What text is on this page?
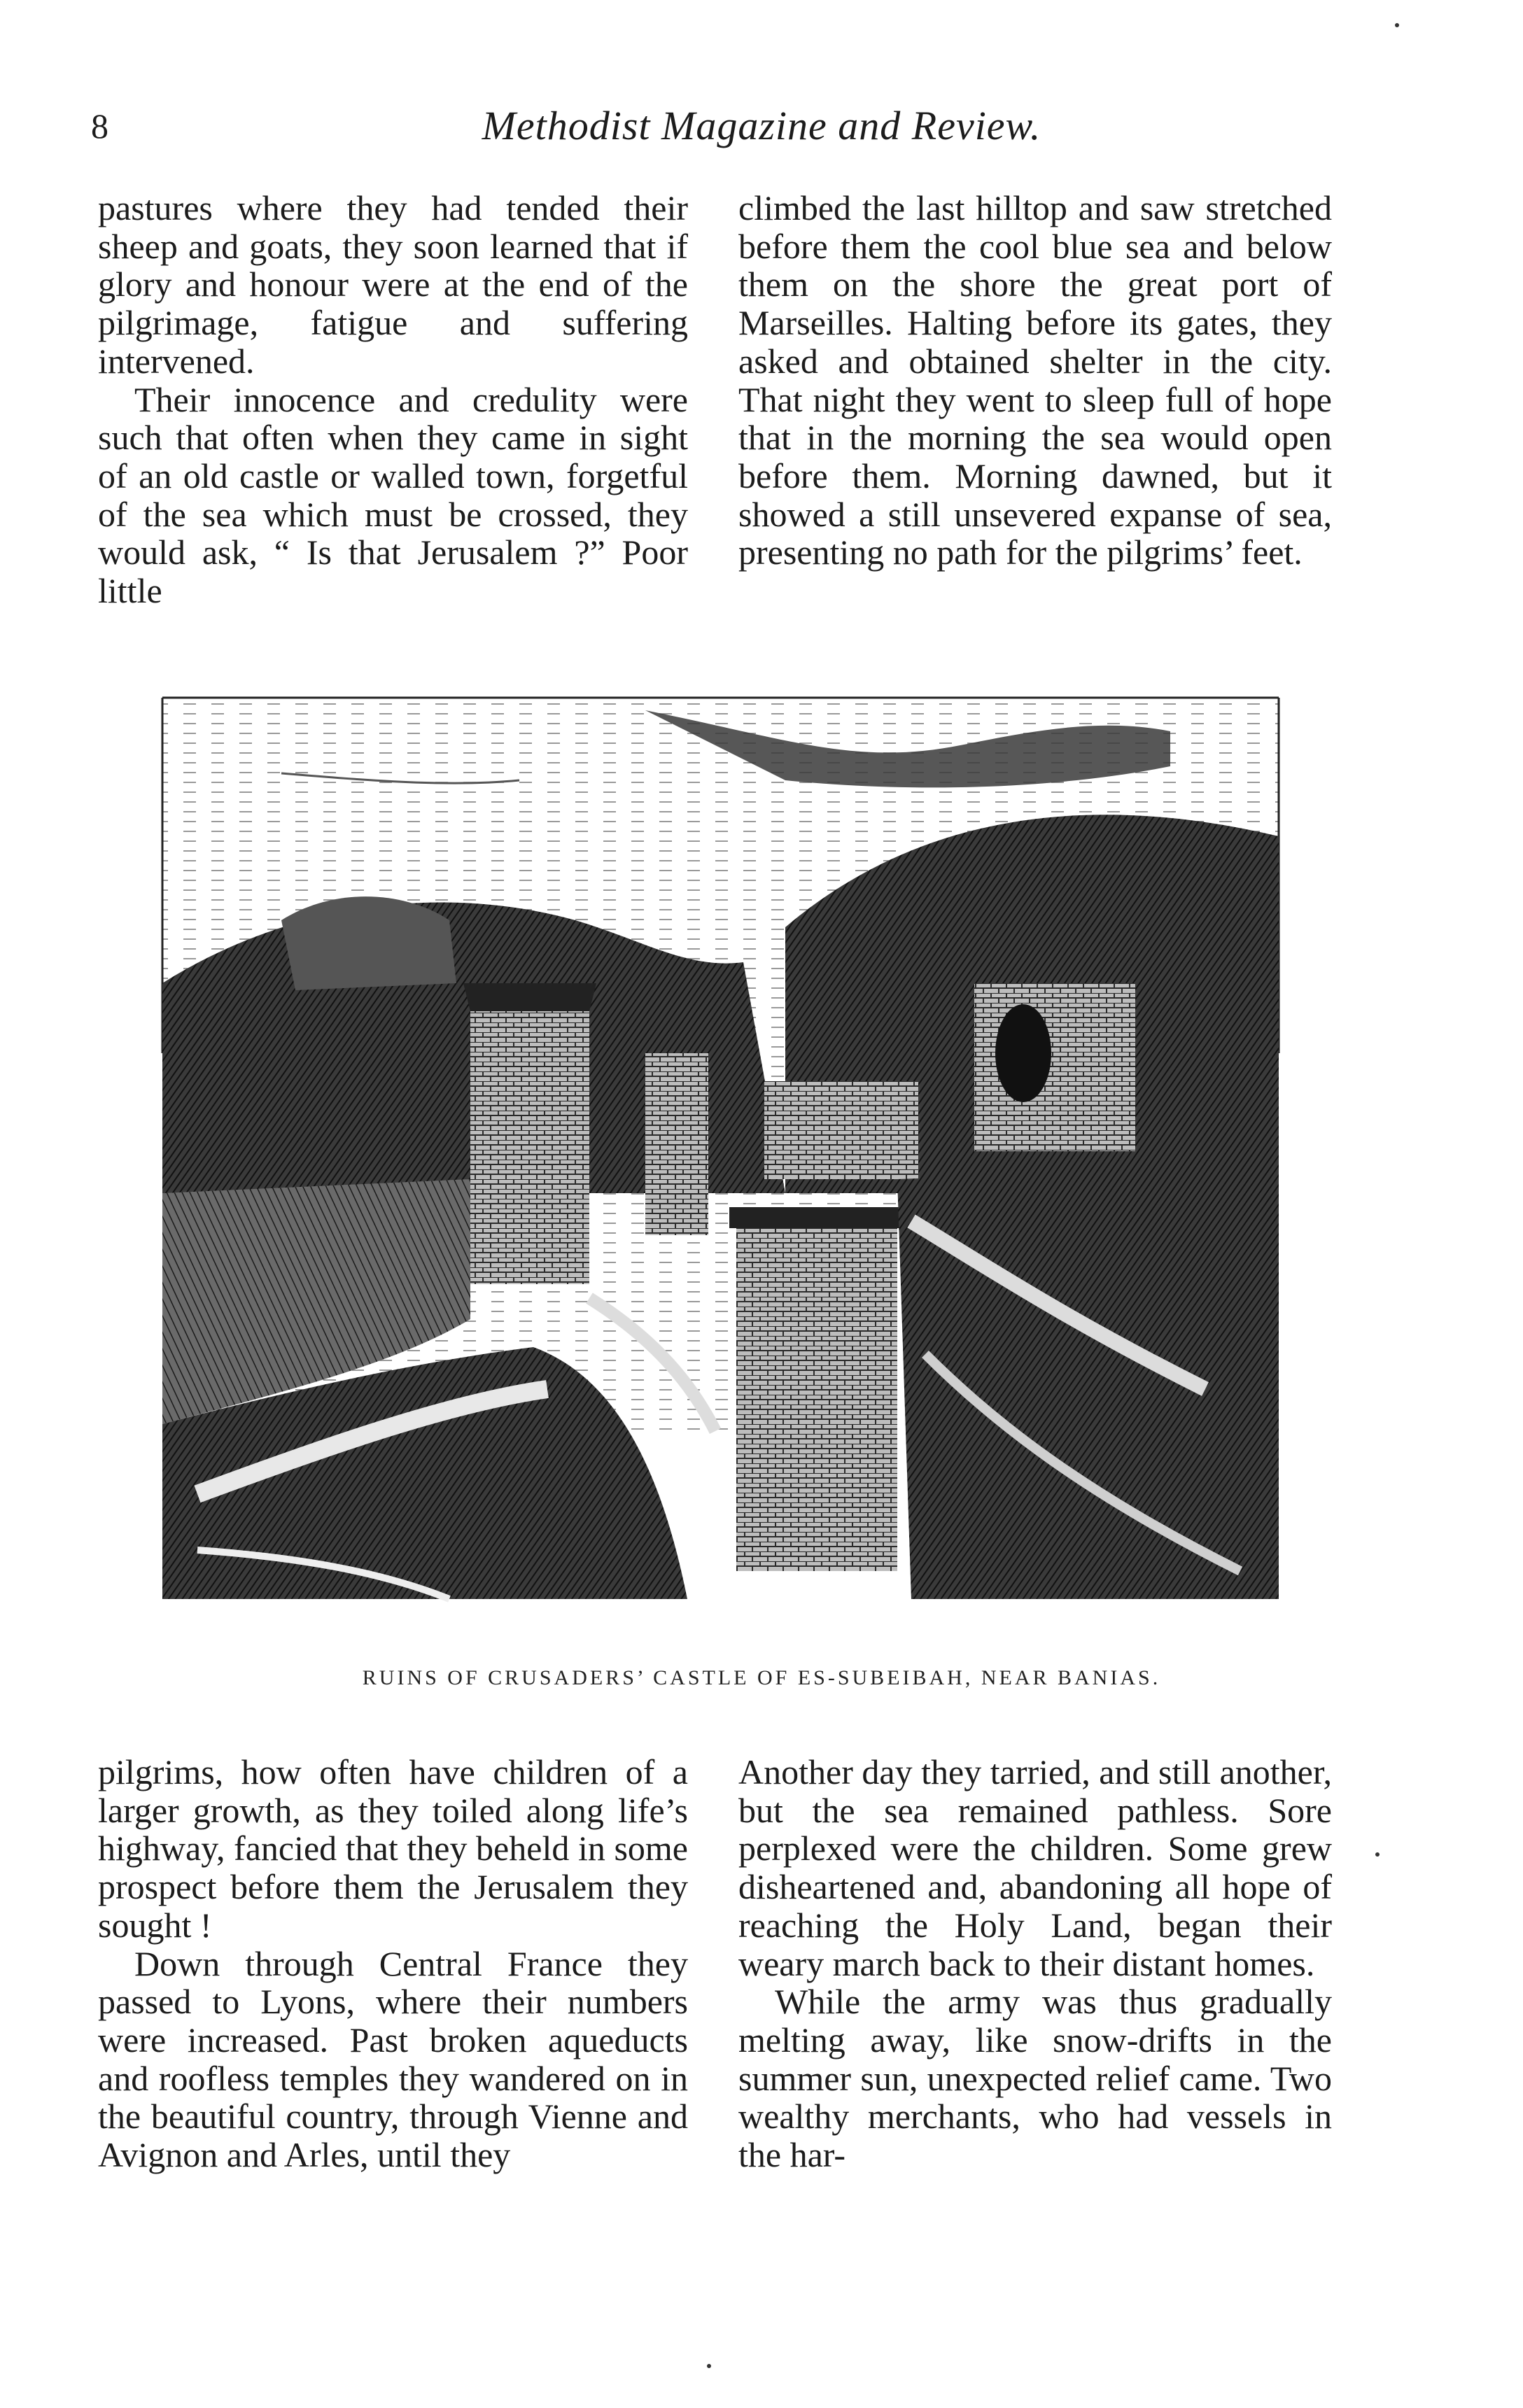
8	Methodist Magazine and Review.

pastures where they had tended their sheep and goats, they soon learned that if glory and honour were at the end of the pilgrimage, fatigue and suffering intervened.

Their innocence and credulity were such that often when they came in sight of an old castle or walled town, forgetful of the sea which must be crossed, they would ask, “ Is that Jerusalem ?” Poor little

climbed the last hilltop and saw stretched before them the cool blue sea and below them on the shore the great port of Marseilles. Halting before its gates, they asked and obtained shelter in the city. That night they went to sleep full of hope that in the morning the sea would open before them. Morning dawned, but it showed a still unsevered expanse of sea, presenting no path for the pilgrims’ feet.

RUINS OF CRUSADERS’ CASTLE OF ES-SUBEIBAH, NEAR BANIAS.

pilgrims, how often have children of a larger growth, as they toiled along life’s highway, fancied that they beheld in some prospect before them the Jerusalem they sought !

Down through Central France they passed to Lyons, where their numbers were increased. Past broken aqueducts and roofless temples they wandered on in the beautiful country, through Vienne and Avignon and Arles, until they

Another day they tarried, and still another, but the sea remained pathless. Sore perplexed were the children. Some grew disheartened and, abandoning all hope of reaching the Holy Land, began their weary march back to their distant homes.

While the army was thus gradually melting away, like snow-drifts in the summer sun, unexpected relief came. Two wealthy merchants, who had vessels in the har-
